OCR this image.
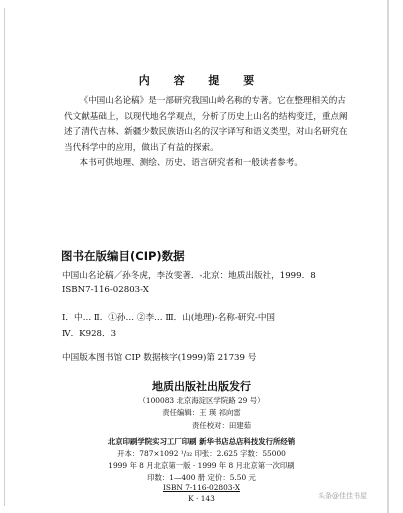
内 容 提 要

《中国山名论稿》是一部研究我国山岭名称的专著。它在整理相关的古代文献基础上，以现代地名学观点，分析了历史上山名的结构变迁，重点阐述了清代吉林、新疆少数民族语山名的汉字译写和语义类型，对山名研究在当代科学中的应用，做出了有益的探索。

本书可供地理、测绘、历史、语言研究者和一般读者参考。

图书在版编目(CIP)数据
中国山名论稿／孙冬虎，李汝雯著．-北京：地质出版社，1999．8
ISBN7-116-02803-X
Ⅰ．中… Ⅱ．①孙… ②李… Ⅲ．山(地理)-名称-研究-中国
Ⅳ．K928．3
中国版本图书馆 CIP 数据核字(1999)第 21739 号
地质出版社出版发行
（100083 北京海淀区学院路 29 号）
责任编辑：王 瑛 祁向雷
责任校对：田建茹
北京印刷学院实习工厂印刷 新华书店总店科技发行所经销
开本：787×1092 ¹/₃₂ 印张：2.625 字数：55000
1999 年 8 月北京第一版 · 1999 年 8 月北京第一次印刷
印数：1—400 册 定价：5.50 元
ISBN 7-116-02803-X
K · 143	头条@佳佳书屋
